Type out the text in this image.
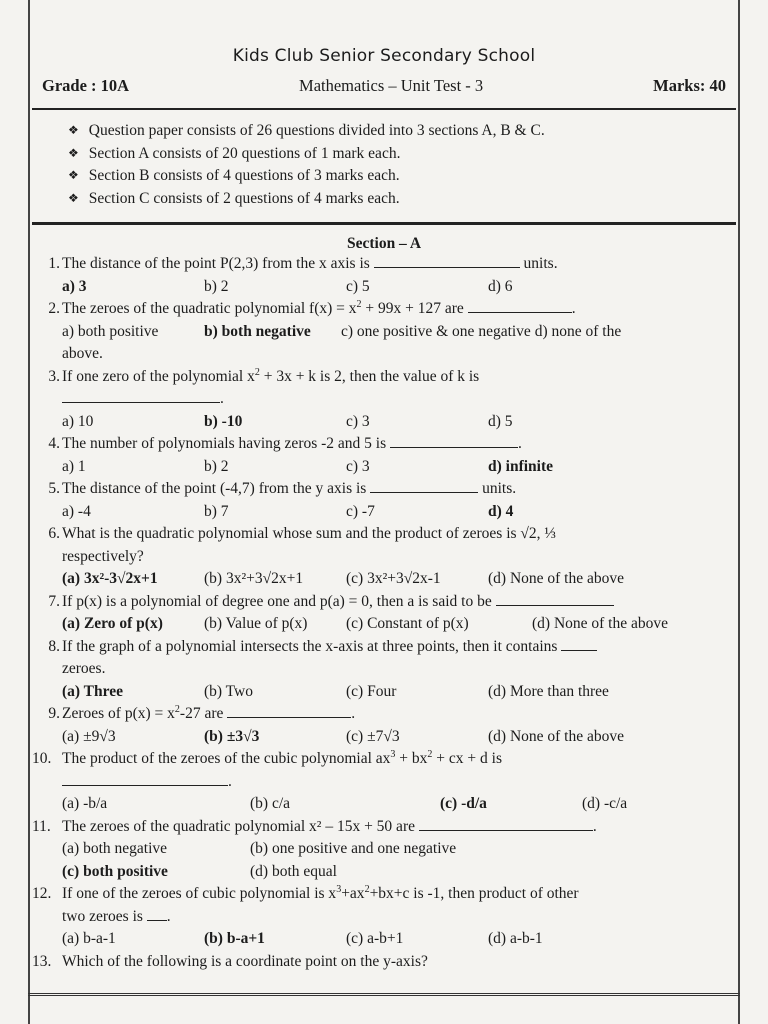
Kids Club Senior Secondary School
Grade : 10A	Mathematics – Unit Test - 3	Marks: 40
❖ Question paper consists of 26 questions divided into 3 sections A, B & C.
❖ Section A consists of 20 questions of 1 mark each.
❖ Section B consists of 4 questions of 3 marks each.
❖ Section C consists of 2 questions of 4 marks each.
Section – A
1. The distance of the point P(2,3) from the x axis is	units.
a) 3	b) 2	c) 5	d) 6
2. The zeroes of the quadratic polynomial $f(x) = x^2 + 99x + 127$ are	.
a) both positive	b) both negative	c) one positive & one negative d) none of the
above.
3. If one zero of the polynomial $x^2 + 3x + k$ is 2, then the value of k is
.
a) 10	b) -10	c) 3	d) 5
4. The number of polynomials having zeros -2 and 5 is	.
a) 1	b) 2	c) 3	d) infinite
5. The distance of the point (-4,7) from the y axis is	units.
a) -4	b) 7	c) -7	d) 4
6. What is the quadratic polynomial whose sum and the product of zeroes is √2, ⅓
respectively?
(a) 3x²-3√2x+1	(b) 3x²+3√2x+1	(c) 3x²+3√2x-1	(d) None of the above
7. If p(x) is a polynomial of degree one and p(a) = 0, then a is said to be
(a) Zero of p(x)	(b) Value of p(x)	(c) Constant of p(x)	(d) None of the above
8. If the graph of a polynomial intersects the x-axis at three points, then it contains
zeroes.
(a) Three	(b) Two	(c) Four	(d) More than three
9. Zeroes of $p(x) = x^2-27$ are	.
(a) ±9√3	(b) ±3√3	(c) ±7√3	(d) None of the above
10. The product of the zeroes of the cubic polynomial $ax^3 + bx^2$ + cx + d is
.
(a) -b/a	(b) c/a	(c) -d/a	(d) -c/a
11. The zeroes of the quadratic polynomial x² – 15x + 50 are	.
(a) both negative	(b) one positive and one negative
(c) both positive	(d) both equal
12. If one of the zeroes of cubic polynomial is $x^3+ax^2+bx+c$ is -1, then product of other
two zeroes is .
(a) b-a-1	(b) b-a+1	(c) a-b+1	(d) a-b-1
13. Which of the following is a coordinate point on the y-axis?
